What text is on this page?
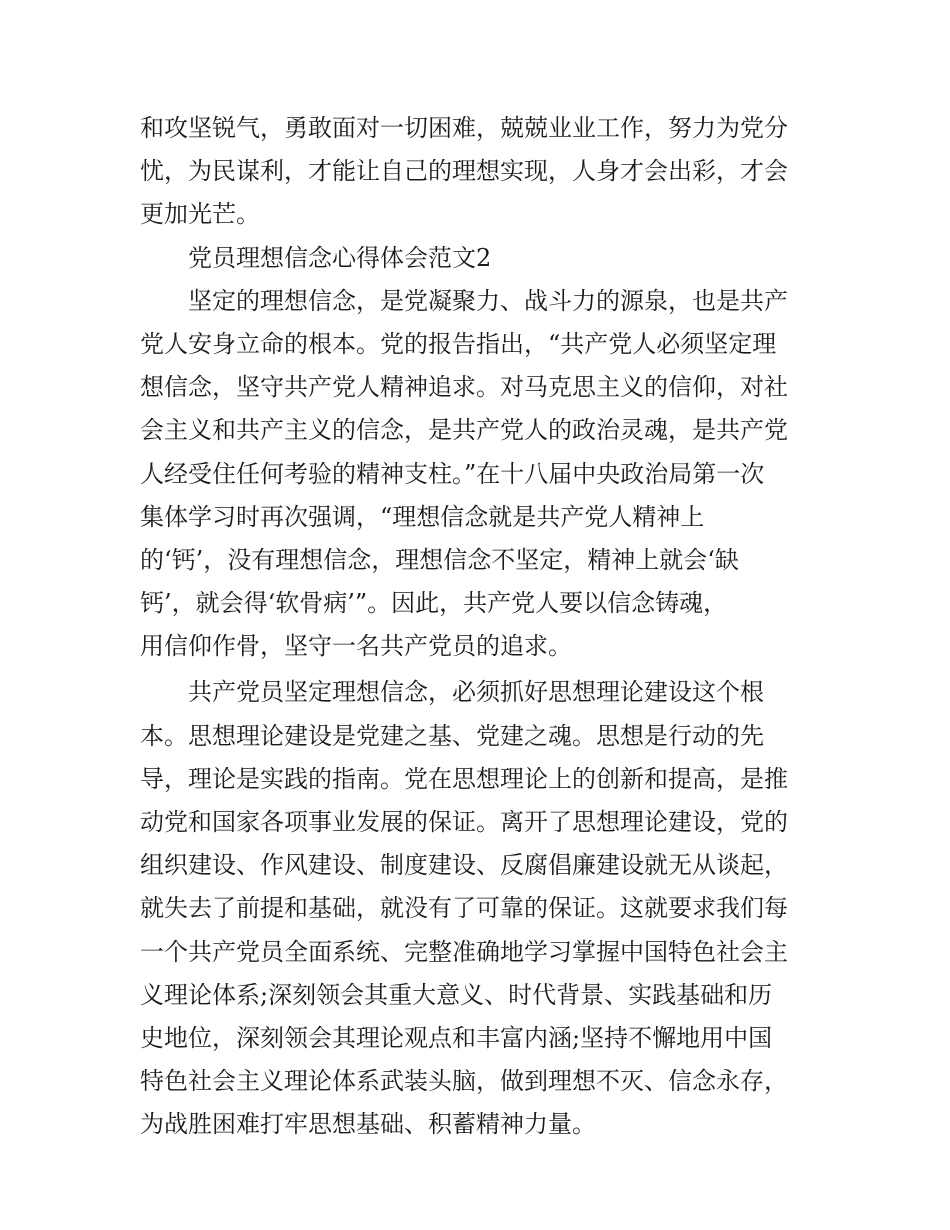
和攻坚锐气，勇敢面对一切困难，兢兢业业工作，努力为党分
忧，为民谋利，才能让自己的理想实现，人身才会出彩，才会
更加光芒。
党员理想信念心得体会范文2
坚定的理想信念，是党凝聚力、战斗力的源泉，也是共产
党人安身立命的根本。党的报告指出，“共产党人必须坚定理
想信念，坚守共产党人精神追求。对马克思主义的信仰，对社
会主义和共产主义的信念，是共产党人的政治灵魂，是共产党
人经受住任何考验的精神支柱。”在十八届中央政治局第一次
集体学习时再次强调，“理想信念就是共产党人精神上
的‘钙’，没有理想信念，理想信念不坚定，精神上就会‘缺
钙’，就会得‘软骨病’”。因此，共产党人要以信念铸魂，
用信仰作骨，坚守一名共产党员的追求。
共产党员坚定理想信念，必须抓好思想理论建设这个根
本。思想理论建设是党建之基、党建之魂。思想是行动的先
导，理论是实践的指南。党在思想理论上的创新和提高，是推
动党和国家各项事业发展的保证。离开了思想理论建设，党的
组织建设、作风建设、制度建设、反腐倡廉建设就无从谈起，
就失去了前提和基础，就没有了可靠的保证。这就要求我们每
一个共产党员全面系统、完整准确地学习掌握中国特色社会主
义理论体系;深刻领会其重大意义、时代背景、实践基础和历
史地位，深刻领会其理论观点和丰富内涵;坚持不懈地用中国
特色社会主义理论体系武装头脑，做到理想不灭、信念永存，
为战胜困难打牢思想基础、积蓄精神力量。
